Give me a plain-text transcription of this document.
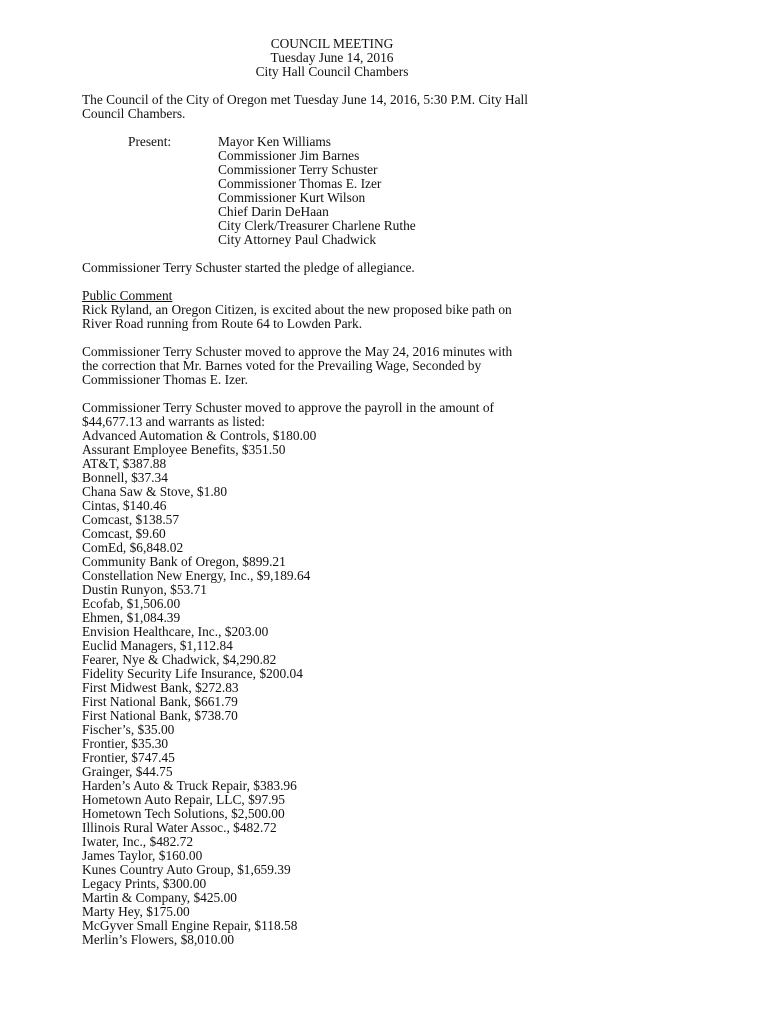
COUNCIL MEETING
Tuesday June 14, 2016
City Hall Council Chambers
The Council of the City of Oregon met Tuesday June 14, 2016, 5:30 P.M. City Hall
Council Chambers.
Present:	Mayor Ken Williams
Commissioner Jim Barnes
Commissioner Terry Schuster
Commissioner Thomas E. Izer
Commissioner Kurt Wilson
Chief Darin DeHaan
City Clerk/Treasurer Charlene Ruthe
City Attorney Paul Chadwick
Commissioner Terry Schuster started the pledge of allegiance.
Public Comment
Rick Ryland, an Oregon Citizen, is excited about the new proposed bike path on
River Road running from Route 64 to Lowden Park.
Commissioner Terry Schuster moved to approve the May 24, 2016 minutes with
the correction that Mr. Barnes voted for the Prevailing Wage, Seconded by
Commissioner Thomas E. Izer.
Commissioner Terry Schuster moved to approve the payroll in the amount of
$44,677.13 and warrants as listed:
Advanced Automation & Controls, $180.00
Assurant Employee Benefits, $351.50
AT&T, $387.88
Bonnell, $37.34
Chana Saw & Stove, $1.80
Cintas, $140.46
Comcast, $138.57
Comcast, $9.60
ComEd, $6,848.02
Community Bank of Oregon, $899.21
Constellation New Energy, Inc., $9,189.64
Dustin Runyon, $53.71
Ecofab, $1,506.00
Ehmen, $1,084.39
Envision Healthcare, Inc., $203.00
Euclid Managers, $1,112.84
Fearer, Nye & Chadwick, $4,290.82
Fidelity Security Life Insurance, $200.04
First Midwest Bank, $272.83
First National Bank, $661.79
First National Bank, $738.70
Fischer’s, $35.00
Frontier, $35.30
Frontier, $747.45
Grainger, $44.75
Harden’s Auto & Truck Repair, $383.96
Hometown Auto Repair, LLC, $97.95
Hometown Tech Solutions, $2,500.00
Illinois Rural Water Assoc., $482.72
Iwater, Inc., $482.72
James Taylor, $160.00
Kunes Country Auto Group, $1,659.39
Legacy Prints, $300.00
Martin & Company, $425.00
Marty Hey, $175.00
McGyver Small Engine Repair, $118.58
Merlin’s Flowers, $8,010.00
